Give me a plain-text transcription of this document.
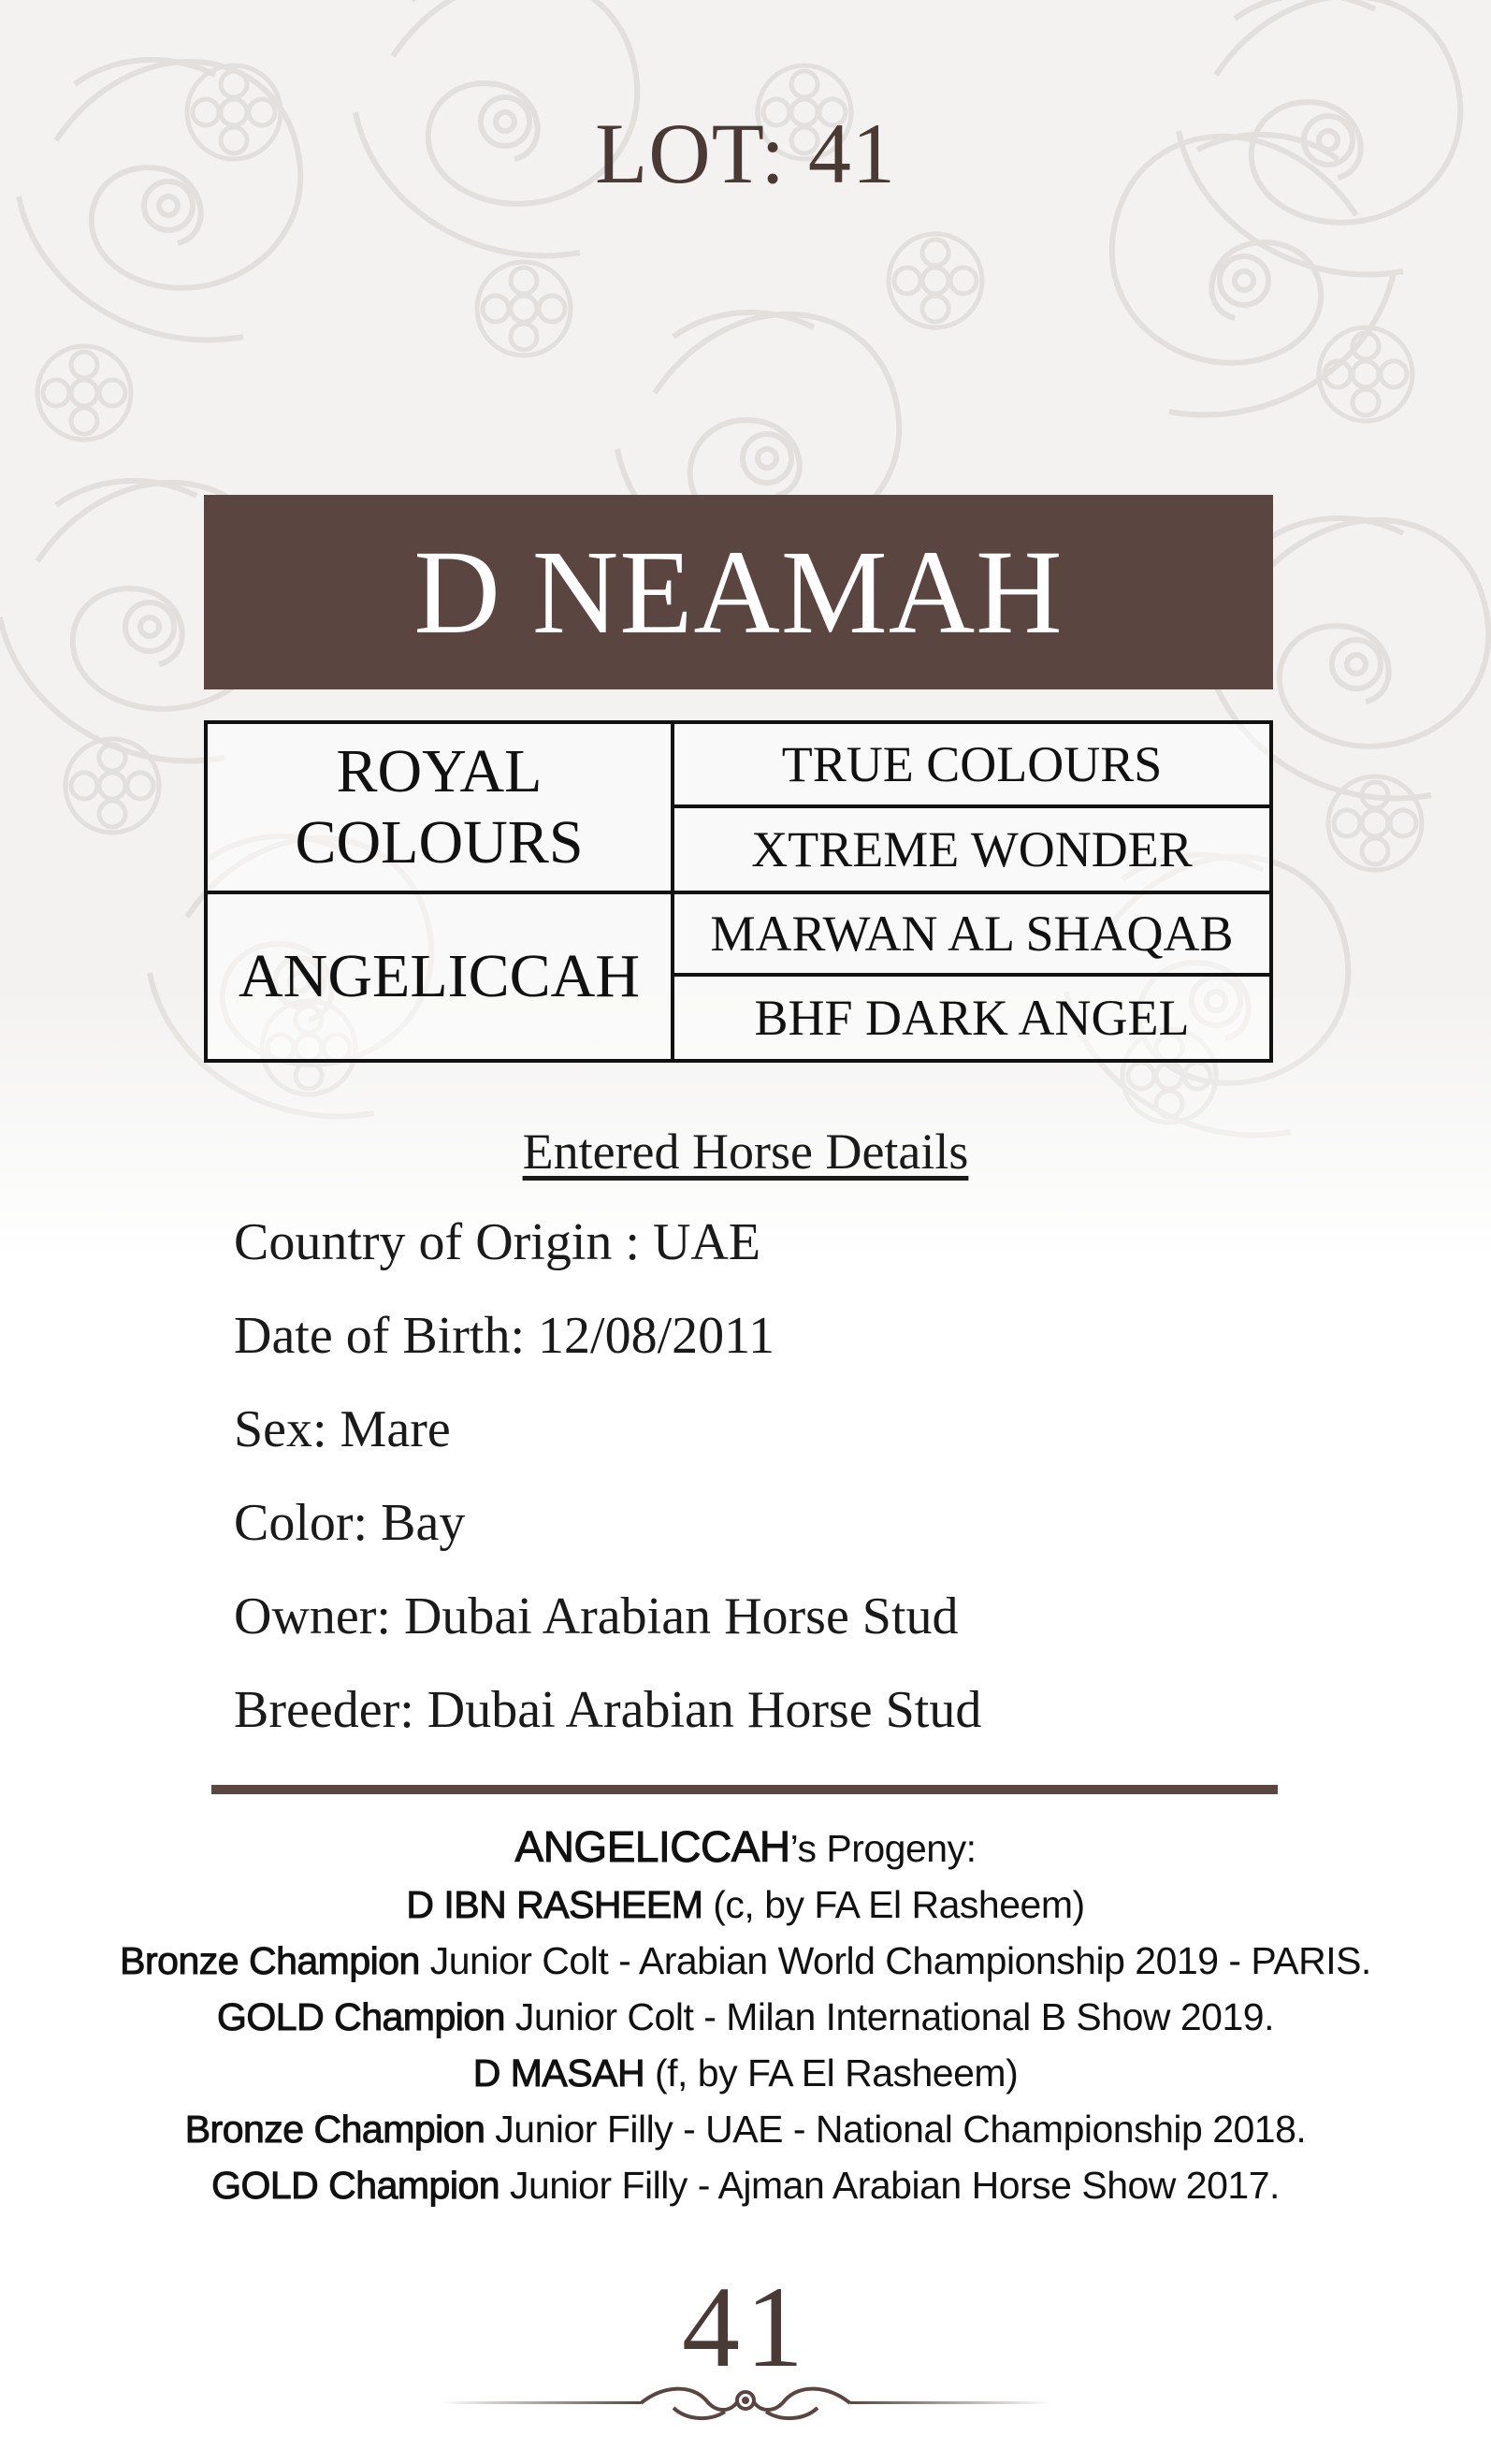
LOT: 41
D NEAMAH
ROYAL
COLOURS
ANGELICCAH
TRUE COLOURS
XTREME WONDER
MARWAN AL SHAQAB
BHF DARK ANGEL
Entered Horse Details
Country of Origin : UAE
Date of Birth: 12/08/2011
Sex: Mare
Color: Bay
Owner: Dubai Arabian Horse Stud
Breeder: Dubai Arabian Horse Stud
ANGELICCAH’s Progeny:
D IBN RASHEEM (c, by FA El Rasheem)
Bronze Champion Junior Colt - Arabian World Championship 2019 - PARIS.
GOLD Champion Junior Colt - Milan International B Show 2019.
D MASAH (f, by FA El Rasheem)
Bronze Champion Junior Filly - UAE - National Championship 2018.
GOLD Champion Junior Filly - Ajman Arabian Horse Show 2017.
41
